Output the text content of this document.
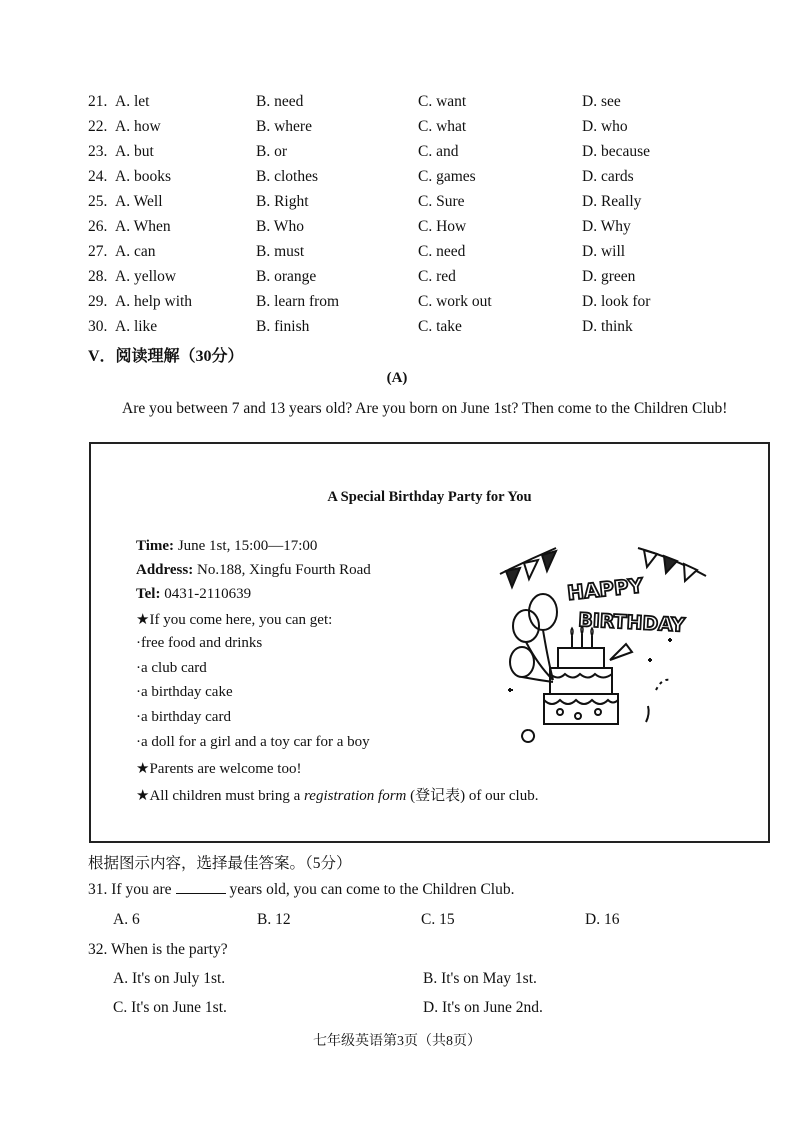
21. A. let	B. need	C. want	D. see
22. A. how	B. where	C. what	D. who
23. A. but	B. or	C. and	D. because
24. A. books	B. clothes	C. games	D. cards
25. A. Well	B. Right	C. Sure	D. Really
26. A. When	B. Who	C. How	D. Why
27. A. can	B. must	C. need	D. will
28. A. yellow	B. orange	C. red	D. green
29. A. help with	B. learn from	C. work out	D. look for
30. A. like	B. finish	C. take	D. think
V．阅读理解（30分）
(A)
Are you between 7 and 13 years old? Are you born on June 1st? Then come to the Children Club!
A Special Birthday Party for You
Time: June 1st, 15:00—17:00
Address: No.188, Xingfu Fourth Road
Tel: 0431-2110639
★If you come here, you can get:
·free food and drinks
·a club card
·a birthday cake
·a birthday card
·a doll for a girl and a toy car for a boy
★Parents are welcome too!
★All children must bring a registration form (登记表) of our club.
HAPPY
BIRTHDAY
根据图示内容，选择最佳答案。（5分）
31. If you are	years old, you can come to the Children Club.
A. 6	B. 12	C. 15	D. 16
32. When is the party?
A. It's on July 1st.	B. It's on May 1st.
C. It's on June 1st.	D. It's on June 2nd.
七年级英语第3页（共8页）
